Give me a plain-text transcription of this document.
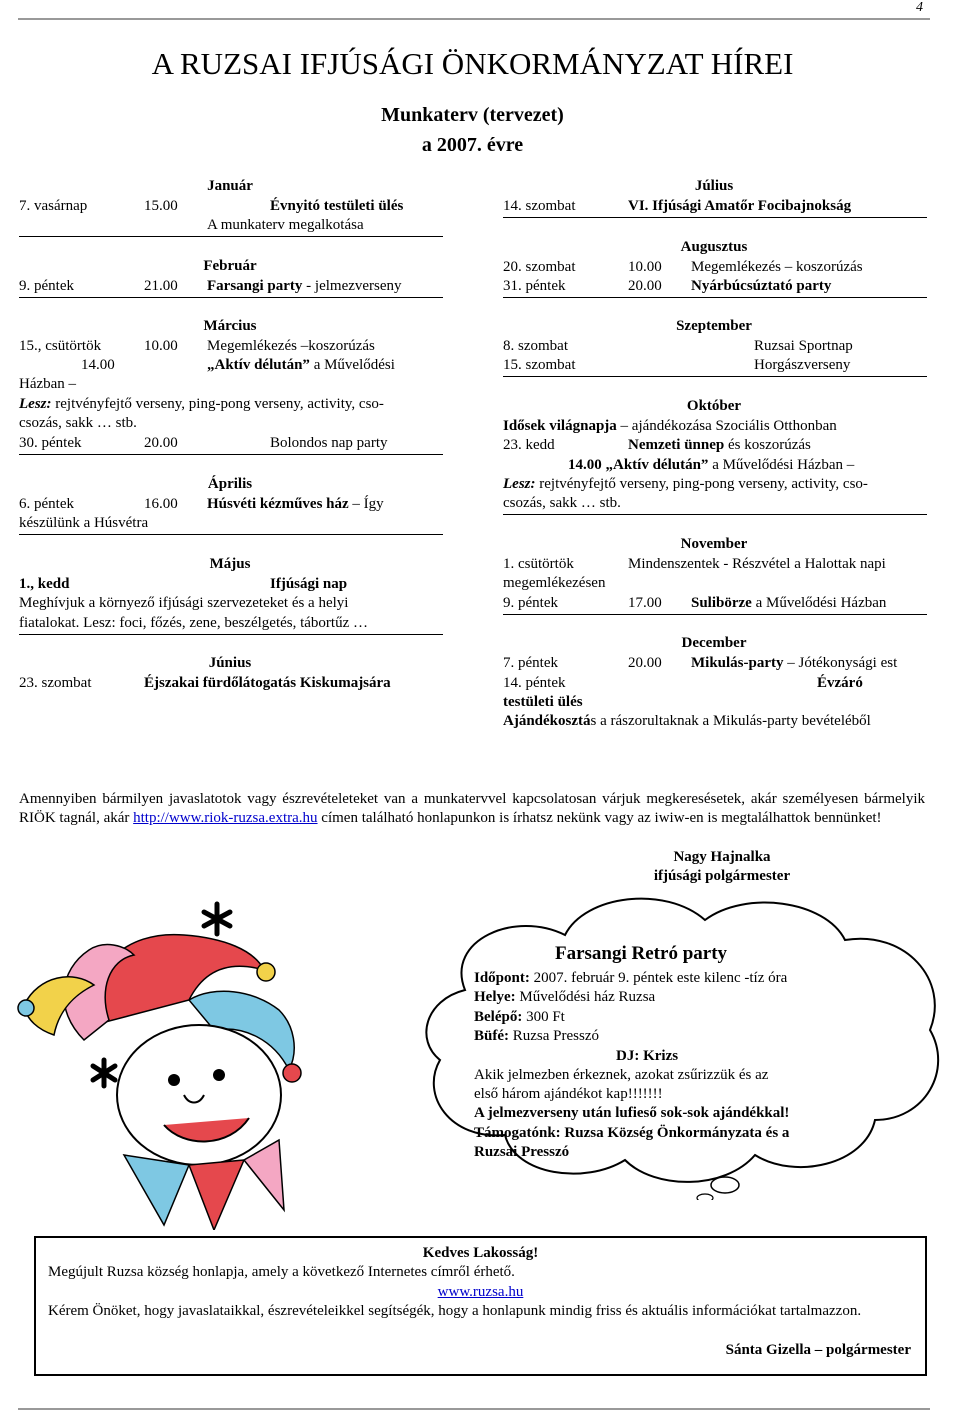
4
A RUZSAI IFJÚSÁGI ÖNKORMÁNYZAT HÍREI
Munkaterv (tervezet)
a 2007. évre
Január
7. vasárnap	15.00	Évnyitó testületi ülés
A munkaterv megalkotása
Február
9. péntek	21.00 Farsangi party - jelmezverseny
Március
15., csütörtök	10.00 Megemlékezés –koszorúzás
14.00	„Aktív délután” a Művelődési
Házban –
Lesz: rejtvényfejtő verseny, ping-pong verseny, activity, cso-
csozás, sakk … stb.
30. péntek	20.00	Bolondos nap party
Április
6. péntek	16.00 Húsvéti kézműves ház – Így
készülünk a Húsvétra
Május
1., kedd	Ifjúsági nap
Meghívjuk a környező ifjúsági szervezeteket és a helyi
fiatalokat. Lesz: foci, főzés, zene, beszélgetés, tábortűz …
Június
23. szombat	Éjszakai fürdőlátogatás Kiskumajsára
Július
14. szombat	VI. Ifjúsági Amatőr Focibajnokság
Augusztus
20. szombat	10.00 Megemlékezés – koszorúzás
31. péntek	20.00 Nyárbúcsúztató party
Szeptember
8. szombat	Ruzsai Sportnap
15. szombat	Horgászverseny
Október
Idősek világnapja – ajándékozása Szociális Otthonban
23. kedd	Nemzeti ünnep és koszorúzás
14.00 „Aktív délután” a Művelődési Házban –
Lesz: rejtvényfejtő verseny, ping-pong verseny, activity, cso-
csozás, sakk … stb.
November
1. csütörtök	Mindenszentek - Részvétel a Halottak napi
megemlékezésen
9. péntek	17.00 Sulibörze a Művelődési Házban
December
7. péntek	20.00 Mikulás-party – Jótékonysági est
14. péntek	Évzáró
testületi ülés
Ajándékosztás a rászorultaknak a Mikulás-party bevételéből
Amennyiben bármilyen javaslatotok vagy észrevételeteket van a munkatervvel kapcsolatosan várjuk megkeresésetek, akár személyesen bármelyik RIÖK tagnál, akár http://www.riok-ruzsa.extra.hu címen található honlapunkon is írhatsz nekünk vagy az iwiw-en is megtalálhattok bennünket!
Nagy Hajnalka
ifjúsági polgármester
Farsangi Retró party
Időpont: 2007. február 9. péntek este kilenc -tíz óra
Helye: Művelődési ház Ruzsa
Belépő: 300 Ft
Büfé: Ruzsa Presszó
DJ: Krizs
Akik jelmezben érkeznek, azokat zsűrizzük és az
első három ajándékot kap!!!!!!!
A jelmezverseny után lufieső sok-sok ajándékkal!
Támogatónk: Ruzsa Község Önkormányzata és a
Ruzsai Presszó
Kedves Lakosság!
Megújult Ruzsa község honlapja, amely a következő Internetes címről érhető.
www.ruzsa.hu
Kérem Önöket, hogy javaslataikkal, észrevételeikkel segítségék, hogy a honlapunk mindig friss és aktuális információkat tartalmazzon.
Sánta Gizella – polgármester
